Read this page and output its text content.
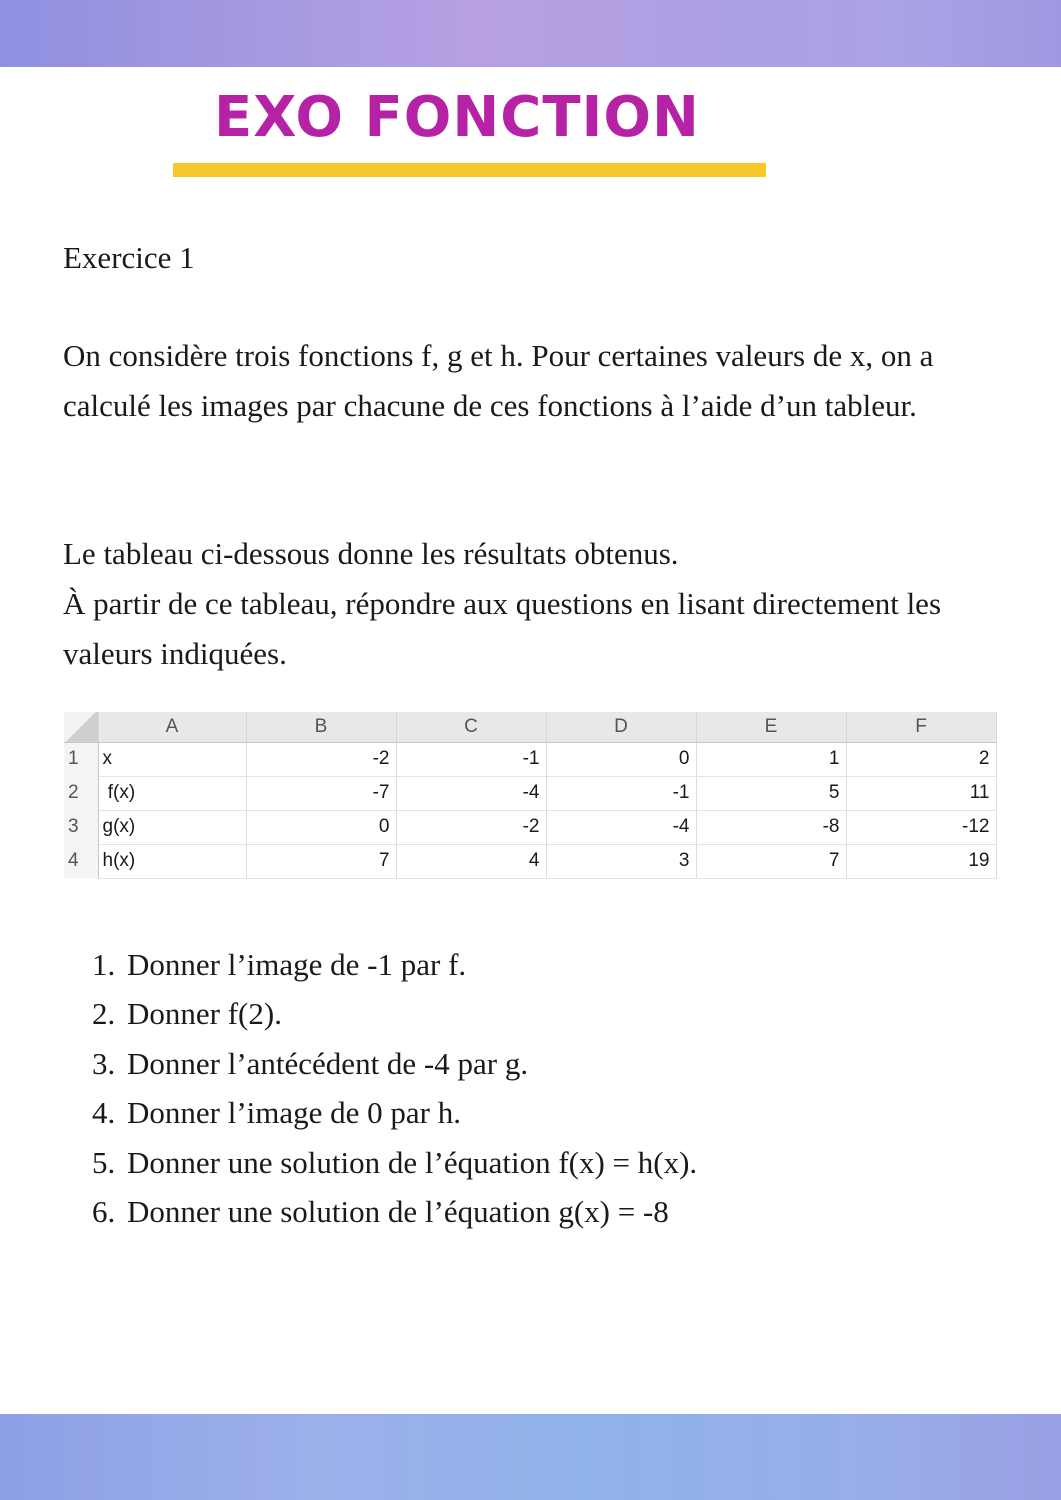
EXO FONCTION

Exercice 1

On considère trois fonctions f, g et h. Pour certaines valeurs de x, on a calculé les images par chacune de ces fonctions à l’aide d’un tableur.

Le tableau ci-dessous donne les résultats obtenus.
À partir de ce tableau, répondre aux questions en lisant directement les valeurs indiquées.

	A	B	C	D	E	F
1	x	-2	-1	0	1	2
2	f(x)	-7	-4	-1	5	11
3	g(x)	0	-2	-4	-8	-12
4	h(x)	7	4	3	7	19
1. Donner l’image de -1 par f.
2. Donner f(2).
3. Donner l’antécédent de -4 par g.
4. Donner l’image de 0 par h.
5. Donner une solution de l’équation f(x) = h(x).
6. Donner une solution de l’équation g(x) = -8
